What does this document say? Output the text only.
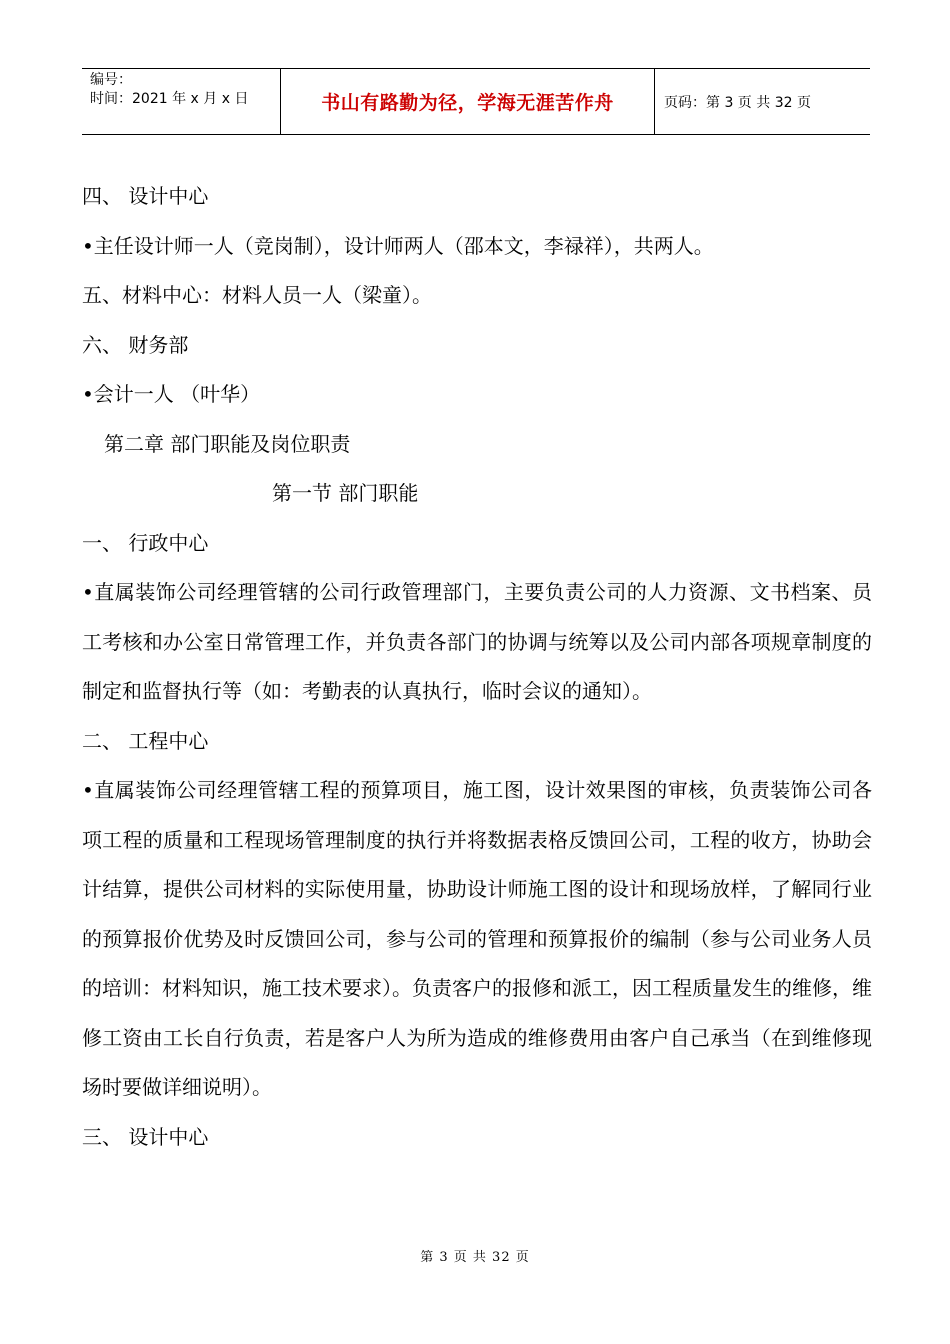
编号：
时间：2021 年 x 月 x 日	书山有路勤为径，学海无涯苦作舟	页码：第 3 页 共 32 页

四、 设计中心

•主任设计师一人（竞岗制），设计师两人（邵本文，李禄祥），共两人。

五、材料中心：材料人员一人（梁童）。

六、 财务部

•会计一人 （叶华）

第二章 部门职能及岗位职责

第一节 部门职能

一、 行政中心

•直属装饰公司经理管辖的公司行政管理部门，主要负责公司的人力资源、文书档案、员工考核和办公室日常管理工作，并负责各部门的协调与统筹以及公司内部各项规章制度的制定和监督执行等（如：考勤表的认真执行，临时会议的通知）。

二、 工程中心

•直属装饰公司经理管辖工程的预算项目，施工图，设计效果图的审核，负责装饰公司各项工程的质量和工程现场管理制度的执行并将数据表格反馈回公司，工程的收方，协助会计结算，提供公司材料的实际使用量，协助设计师施工图的设计和现场放样，了解同行业的预算报价优势及时反馈回公司，参与公司的管理和预算报价的编制（参与公司业务人员的培训：材料知识，施工技术要求）。负责客户的报修和派工，因工程质量发生的维修，维修工资由工长自行负责，若是客户人为所为造成的维修费用由客户自己承当（在到维修现场时要做详细说明）。

三、 设计中心

第 3 页 共 32 页
